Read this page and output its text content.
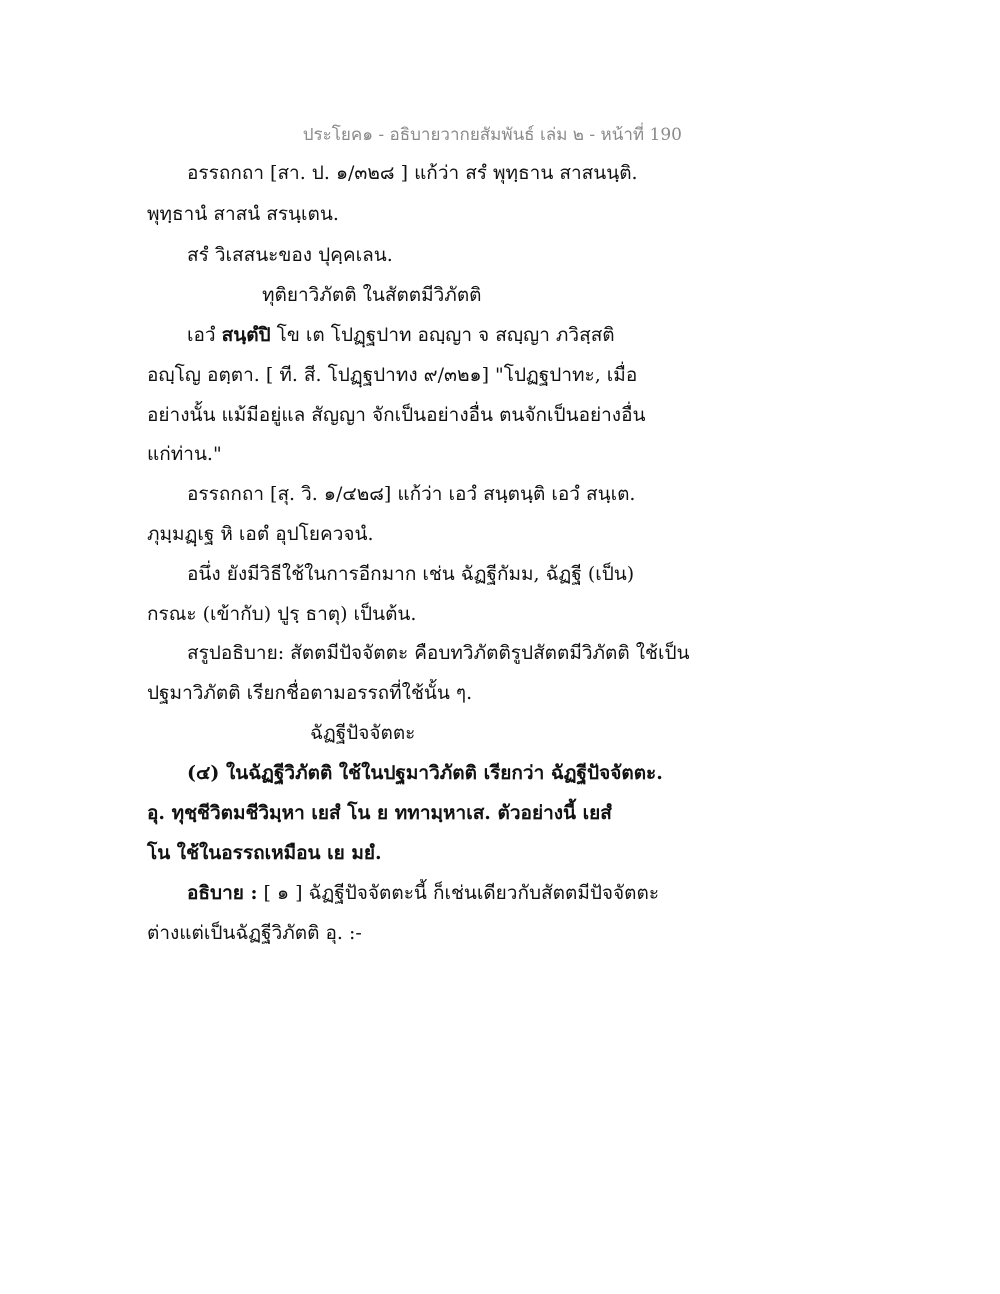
ประโยค๑ - อธิบายวากยสัมพันธ์ เล่ม ๒ - หน้าที่ 190
อรรถกถา [สา. ป. ๑/๓๒๘ ] แก้ว่า สรํ พุทฺธาน สาสนนฺติ.
พุทฺธานํ สาสนํ สรนฺเตน.
สรํ วิเสสนะของ ปุคฺคเลน.
ทุติยาวิภัตติ ในสัตตมีวิภัตติ
เอวํ สนฺตํปิ โข เต โปฏฺฐปาท อญฺญา จ สญฺญา ภวิสฺสติ
อญฺโญ อตฺตา. [ ที. สี. โปฏฺฐปาทง ๙/๓๒๑] "โปฏฐปาทะ, เมื่อ
อย่างนั้น แม้มีอยู่แล สัญญา จักเป็นอย่างอื่น ตนจักเป็นอย่างอื่น
แก่ท่าน."
อรรถกถา [สุ. วิ. ๑/๔๒๘] แก้ว่า เอวํ สนฺตนฺติ เอวํ สนฺเต.
ภุมฺมฏฺเฐ หิ เอตํ อุปโยควจนํ.
อนึ่ง ยังมีวิธีใช้ในการอีกมาก เช่น ฉัฏฐีกัมม, ฉัฏฐี (เป็น)
กรณะ (เข้ากับ) ปูรฺ ธาตุ) เป็นต้น.
สรูปอธิบาย: สัตตมีปัจจัตตะ คือบทวิภัตติรูปสัตตมีวิภัตติ ใช้เป็น
ปฐมาวิภัตติ เรียกชื่อตามอรรถที่ใช้นั้น ๆ.
ฉัฏฐีปัจจัตตะ
(๔) ในฉัฏฐีวิภัตติ ใช้ในปฐมาวิภัตติ เรียกว่า ฉัฏฐีปัจจัตตะ.
อุ. ทุชฺชีวิตมชีวิมฺหา เยสํ โน ย ททามฺหาเส. ตัวอย่างนี้ เยสํ
โน ใช้ในอรรถเหมือน เย มยํ.
อธิบาย : [ ๑ ] ฉัฏฐีปัจจัตตะนี้ ก็เช่นเดียวกับสัตตมีปัจจัตตะ
ต่างแต่เป็นฉัฏฐีวิภัตติ อุ. :-
